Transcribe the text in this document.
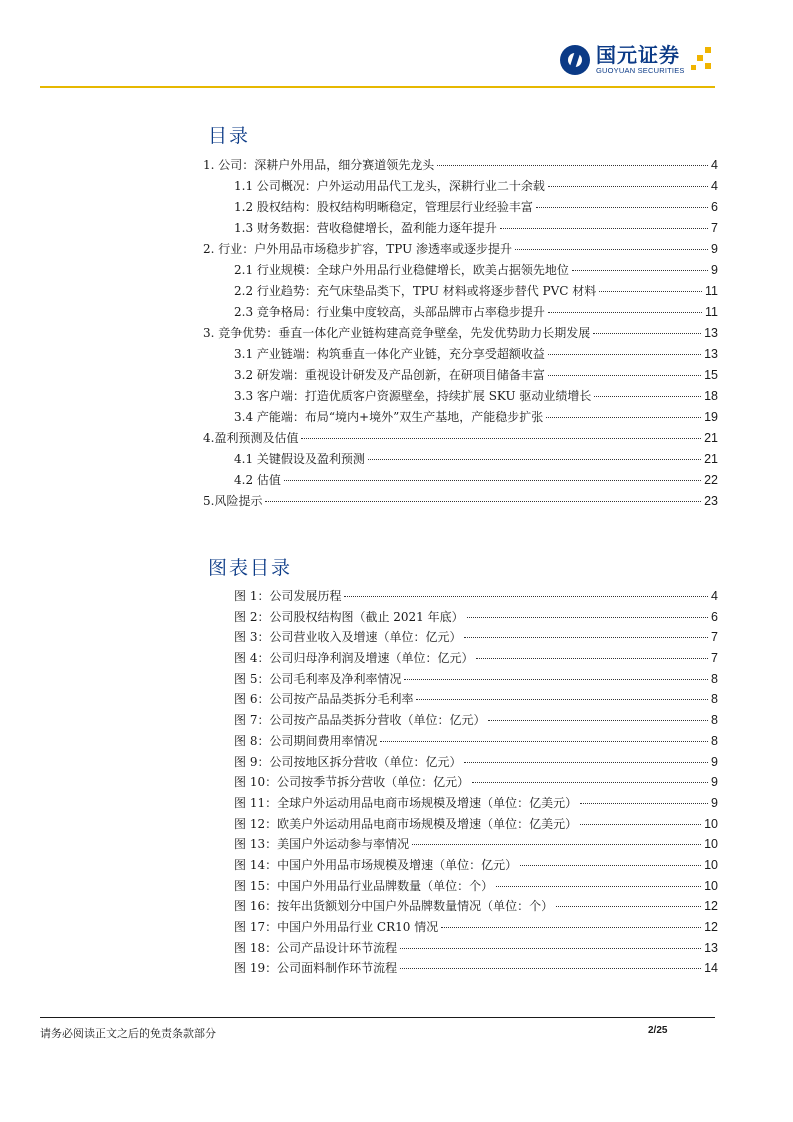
国元证券
GUOYUAN SECURITIES
目录
1. 公司：深耕户外用品，细分赛道领先龙头	4
1.1 公司概况：户外运动用品代工龙头，深耕行业二十余载	4
1.2 股权结构：股权结构明晰稳定，管理层行业经验丰富	6
1.3 财务数据：营收稳健增长，盈利能力逐年提升	7
2. 行业：户外用品市场稳步扩容，TPU 渗透率或逐步提升	9
2.1 行业规模：全球户外用品行业稳健增长，欧美占据领先地位	9
2.2 行业趋势：充气床垫品类下，TPU 材料或将逐步替代 PVC 材料	11
2.3 竞争格局：行业集中度较高，头部品牌市占率稳步提升	11
3. 竞争优势：垂直一体化产业链构建高竞争壁垒，先发优势助力长期发展	13
3.1 产业链端：构筑垂直一体化产业链，充分享受超额收益	13
3.2 研发端：重视设计研发及产品创新，在研项目储备丰富	15
3.3 客户端：打造优质客户资源壁垒，持续扩展 SKU 驱动业绩增长	18
3.4 产能端：布局“境内+境外”双生产基地，产能稳步扩张	19
4.盈利预测及估值	21
4.1 关键假设及盈利预测	21
4.2 估值	22
5.风险提示	23
图表目录
图 1：公司发展历程	4
图 2：公司股权结构图（截止 2021 年底）	6
图 3：公司营业收入及增速（单位：亿元）	7
图 4：公司归母净利润及增速（单位：亿元）	7
图 5：公司毛利率及净利率情况	8
图 6：公司按产品品类拆分毛利率	8
图 7：公司按产品品类拆分营收（单位：亿元）	8
图 8：公司期间费用率情况	8
图 9：公司按地区拆分营收（单位：亿元）	9
图 10：公司按季节拆分营收（单位：亿元）	9
图 11：全球户外运动用品电商市场规模及增速（单位：亿美元）	9
图 12：欧美户外运动用品电商市场规模及增速（单位：亿美元）	10
图 13：美国户外运动参与率情况	10
图 14：中国户外用品市场规模及增速（单位：亿元）	10
图 15：中国户外用品行业品牌数量（单位：个）	10
图 16：按年出货额划分中国户外品牌数量情况（单位：个）	12
图 17：中国户外用品行业 CR10 情况	12
图 18：公司产品设计环节流程	13
图 19：公司面料制作环节流程	14
请务必阅读正文之后的免责条款部分	2/25
